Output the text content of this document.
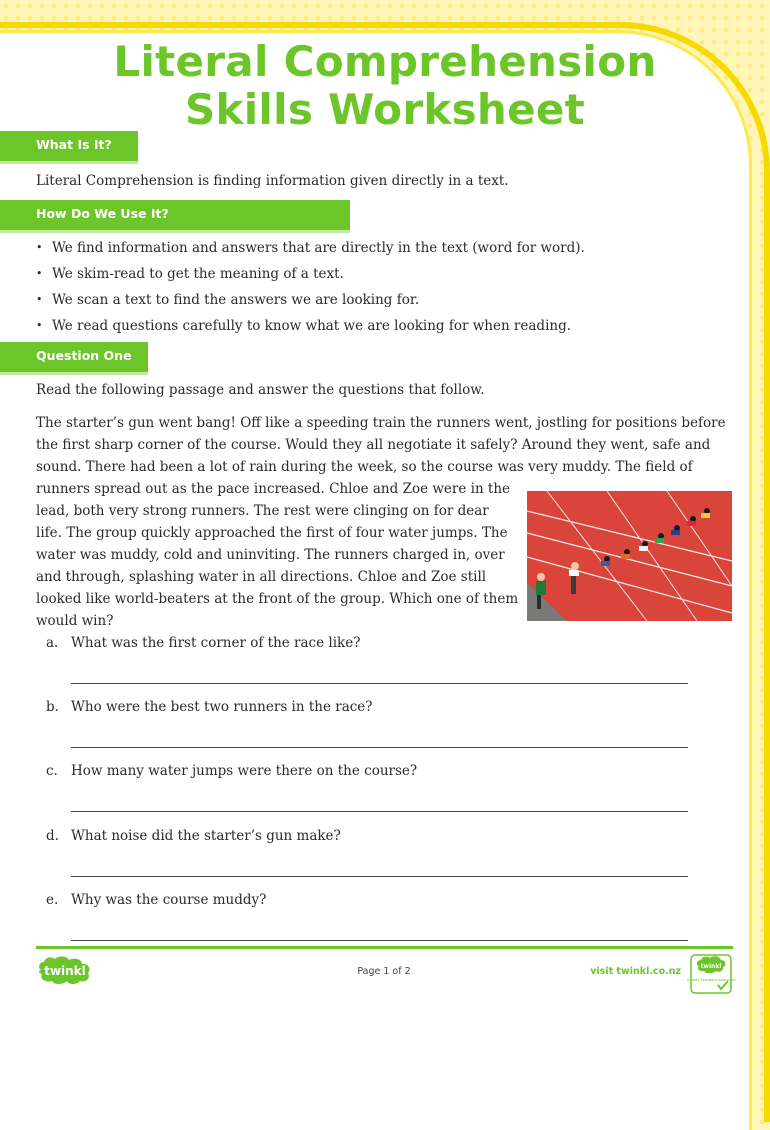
Literal Comprehension Skills Worksheet
What Is It?
Literal Comprehension is finding information given directly in a text.
How Do We Use It?
• We find information and answers that are directly in the text (word for word).
• We skim-read to get the meaning of a text.
• We scan a text to find the answers we are looking for.
• We read questions carefully to know what we are looking for when reading.
Question One
Read the following passage and answer the questions that follow.

The starter’s gun went bang! Off like a speeding train the runners went, jostling for positions before

the first sharp corner of the course. Would they all negotiate it safely? Around they went, safe and

sound. There had been a lot of rain during the week, so the course was very muddy. The field of

runners spread out as the pace increased. Chloe and Zoe were in the

lead, both very strong runners. The rest were clinging on for dear

life. The group quickly approached the first of four water jumps. The

water was muddy, cold and uninviting. The runners charged in, over

and through, splashing water in all directions. Chloe and Zoe still

looked like world-beaters at the front of the group. Which one of them

would win?

a. What was the first corner of the race like?
b. Who were the best two runners in the race?
c. How many water jumps were there on the course?
d. What noise did the starter’s gun make?
e. Why was the course muddy?
twinkl	Page 1 of 2	visit twinkl.co.nz	twinkl
Quality Standard Approved
